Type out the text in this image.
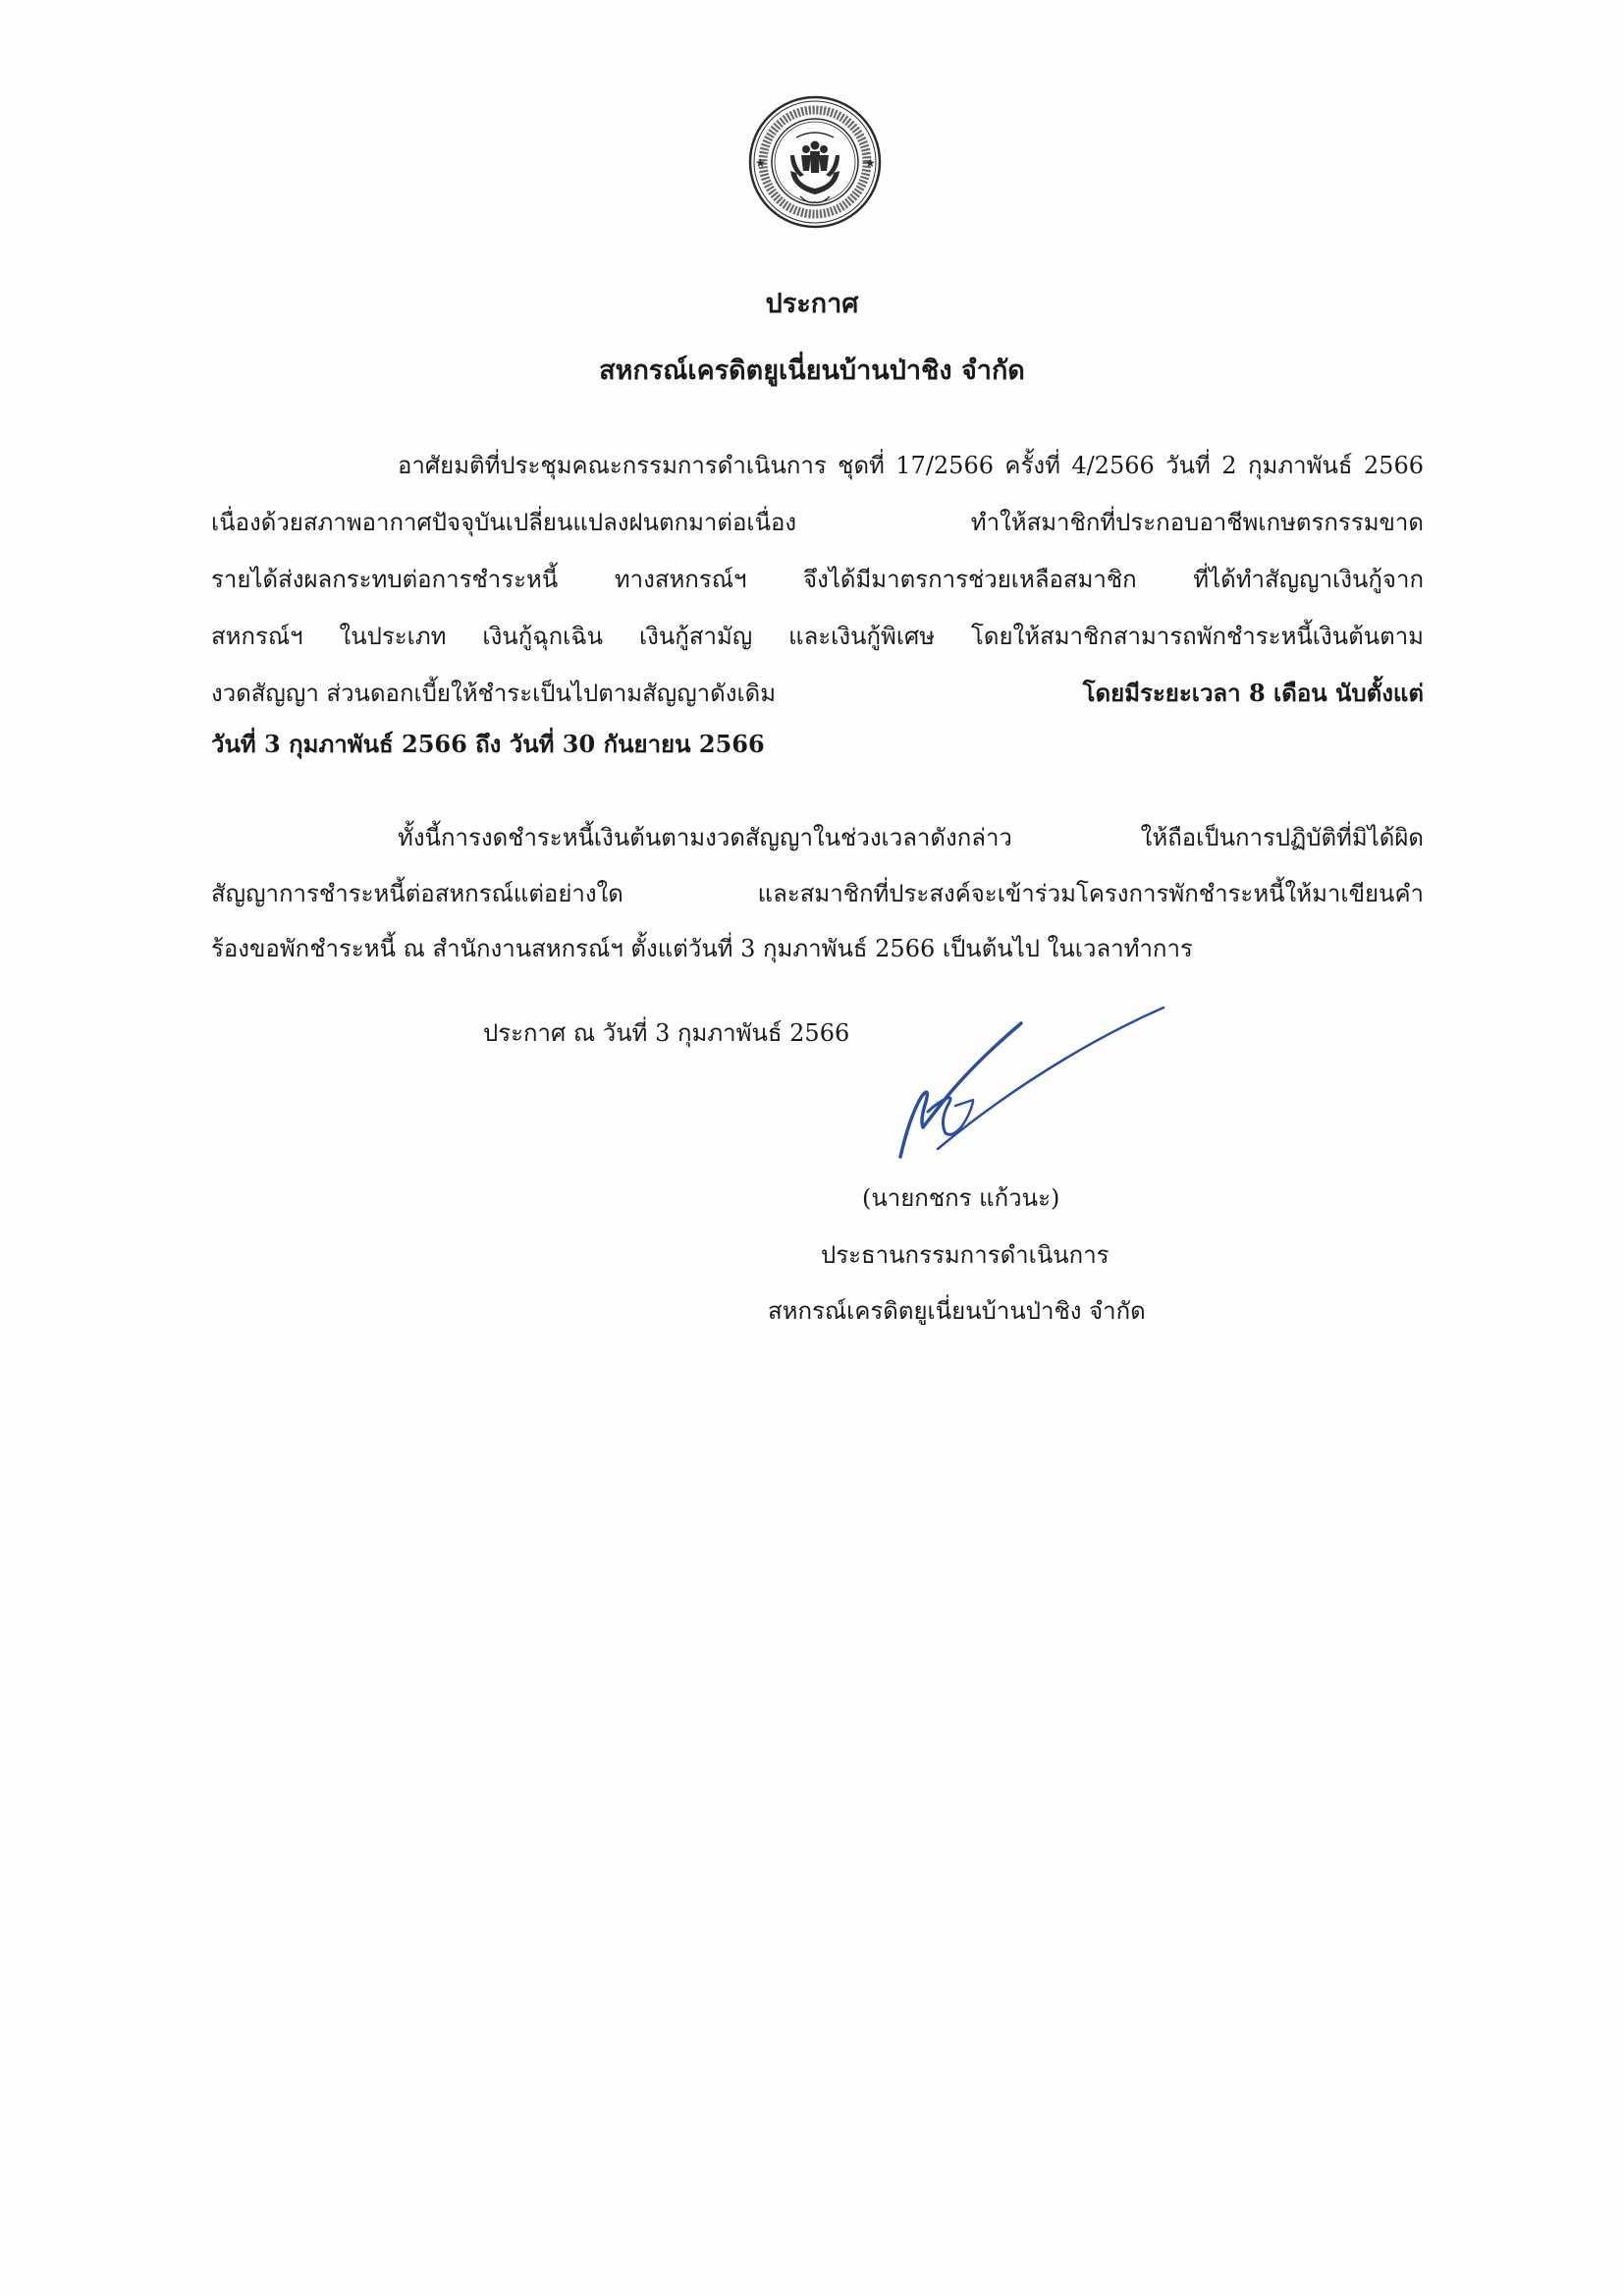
★	★
ประกาศ
สหกรณ์เครดิตยูเนี่ยนบ้านป่าชิง จำกัด
อาศัยมติที่ประชุมคณะกรรมการดำเนินการ ชุดที่ 17/2566 ครั้งที่ 4/2566 วันที่ 2 กุมภาพันธ์ 2566
เนื่องด้วยสภาพอากาศปัจจุบันเปลี่ยนแปลงฝนตกมาต่อเนื่อง ทำให้สมาชิกที่ประกอบอาชีพเกษตรกรรมขาด
รายได้ส่งผลกระทบต่อการชำระหนี้ ทางสหกรณ์ฯ จึงได้มีมาตรการช่วยเหลือสมาชิก ที่ได้ทำสัญญาเงินกู้จาก
สหกรณ์ฯ ในประเภท เงินกู้ฉุกเฉิน เงินกู้สามัญ และเงินกู้พิเศษ โดยให้สมาชิกสามารถพักชำระหนี้เงินต้นตาม
งวดสัญญา ส่วนดอกเบี้ยให้ชำระเป็นไปตามสัญญาดังเดิม	โดยมีระยะเวลา 8 เดือน นับตั้งแต่
วันที่ 3 กุมภาพันธ์ 2566 ถึง วันที่ 30 กันยายน 2566
ทั้งนี้การงดชำระหนี้เงินต้นตามงวดสัญญาในช่วงเวลาดังกล่าว ให้ถือเป็นการปฏิบัติที่มิได้ผิด
สัญญาการชำระหนี้ต่อสหกรณ์แต่อย่างใด และสมาชิกที่ประสงค์จะเข้าร่วมโครงการพักชำระหนี้ให้มาเขียนคำ
ร้องขอพักชำระหนี้ ณ สำนักงานสหกรณ์ฯ ตั้งแต่วันที่ 3 กุมภาพันธ์ 2566 เป็นต้นไป ในเวลาทำการ
ประกาศ ณ วันที่ 3 กุมภาพันธ์ 2566
(นายกชกร แก้วนะ)
ประธานกรรมการดำเนินการ
สหกรณ์เครดิตยูเนี่ยนบ้านป่าชิง จำกัด
